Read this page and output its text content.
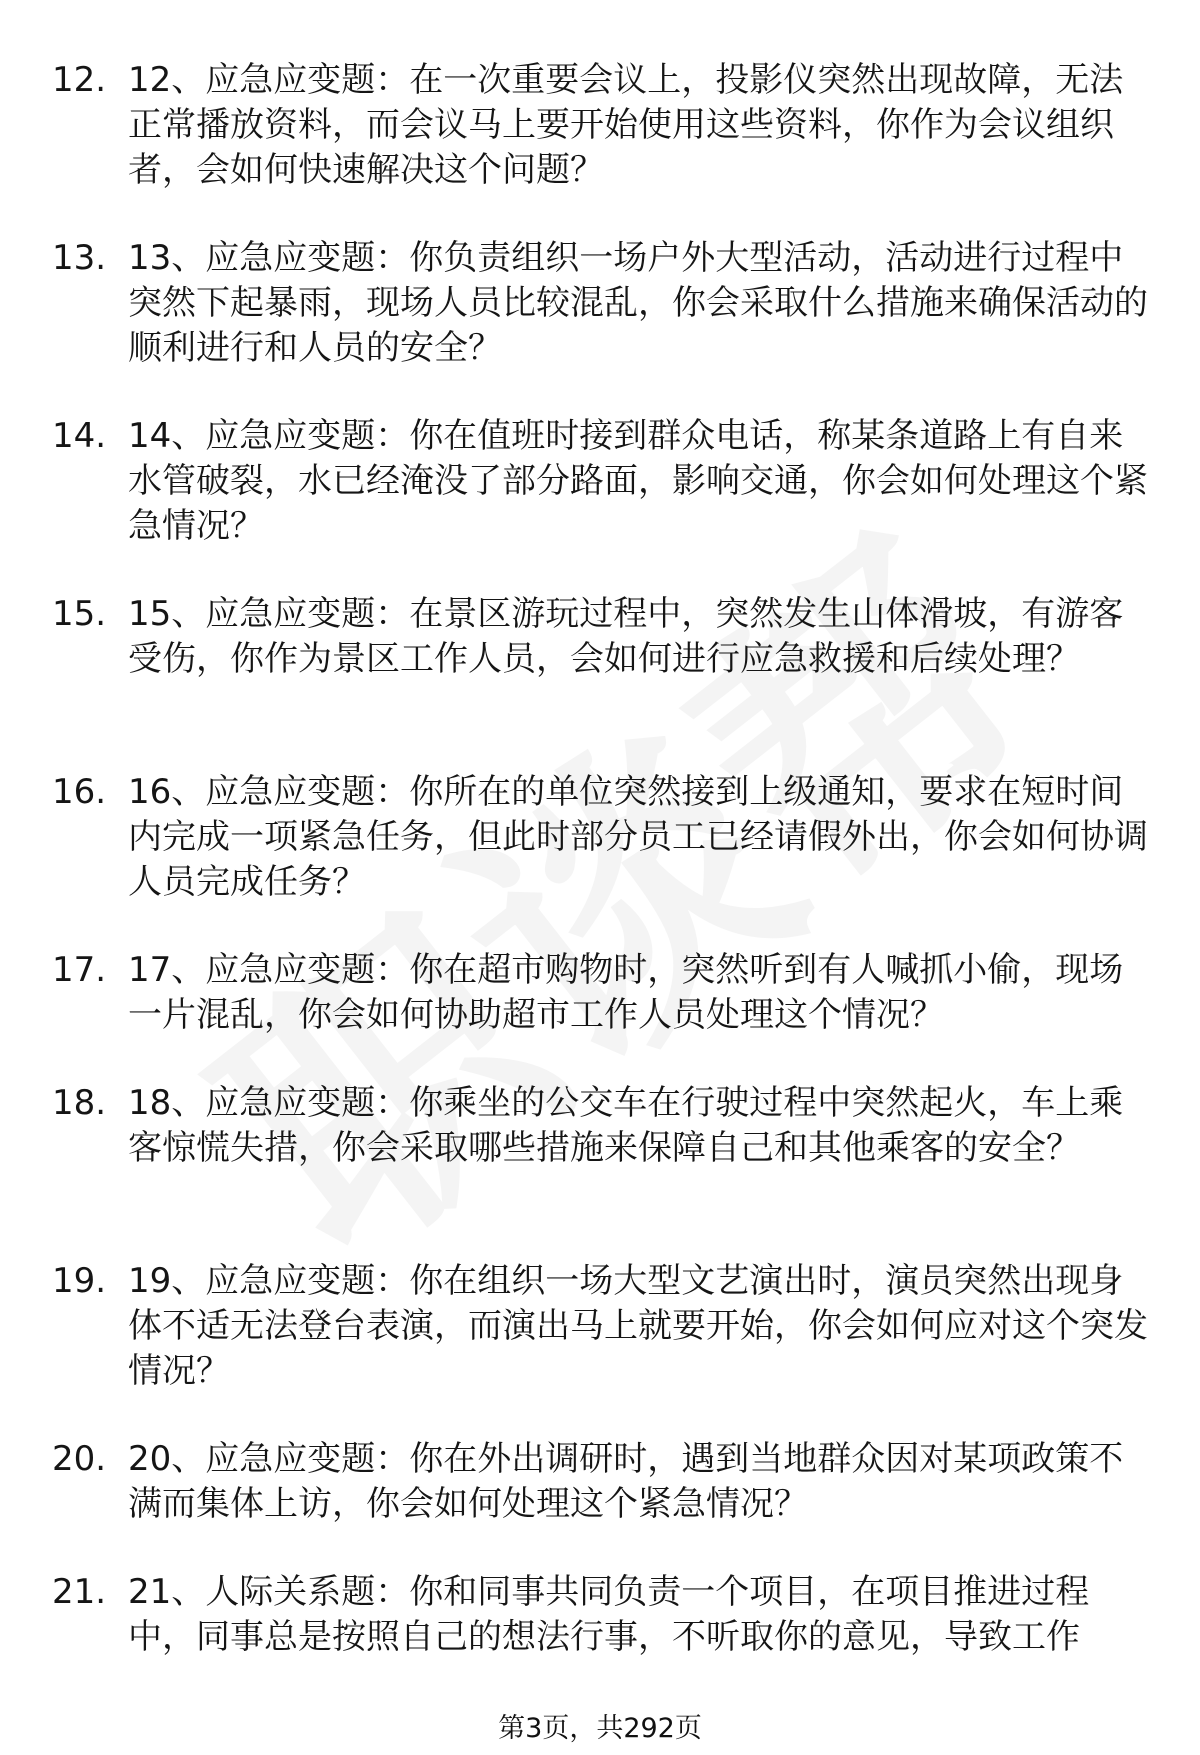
12. 12、应急应变题：在一次重要会议上，投影仪突然出现故障，无法正常播放资料，而会议马上要开始使用这些资料，你作为会议组织者，会如何快速解决这个问题？
13. 13、应急应变题：你负责组织一场户外大型活动，活动进行过程中突然下起暴雨，现场人员比较混乱，你会采取什么措施来确保活动的顺利进行和人员的安全？
14. 14、应急应变题：你在值班时接到群众电话，称某条道路上有自来水管破裂，水已经淹没了部分路面，影响交通，你会如何处理这个紧急情况？
15. 15、应急应变题：在景区游玩过程中，突然发生山体滑坡，有游客受伤，你作为景区工作人员，会如何进行应急救援和后续处理？
16. 16、应急应变题：你所在的单位突然接到上级通知，要求在短时间内完成一项紧急任务，但此时部分员工已经请假外出，你会如何协调人员完成任务？
17. 17、应急应变题：你在超市购物时，突然听到有人喊抓小偷，现场一片混乱，你会如何协助超市工作人员处理这个情况？
18. 18、应急应变题：你乘坐的公交车在行驶过程中突然起火，车上乘客惊慌失措，你会采取哪些措施来保障自己和其他乘客的安全？
19. 19、应急应变题：你在组织一场大型文艺演出时，演员突然出现身体不适无法登台表演，而演出马上就要开始，你会如何应对这个突发情况？
20. 20、应急应变题：你在外出调研时，遇到当地群众因对某项政策不满而集体上访，你会如何处理这个紧急情况？
21. 21、人际关系题：你和同事共同负责一个项目，在项目推进过程中，同事总是按照自己的想法行事，不听取你的意见，导致工作
第3页，共292页
